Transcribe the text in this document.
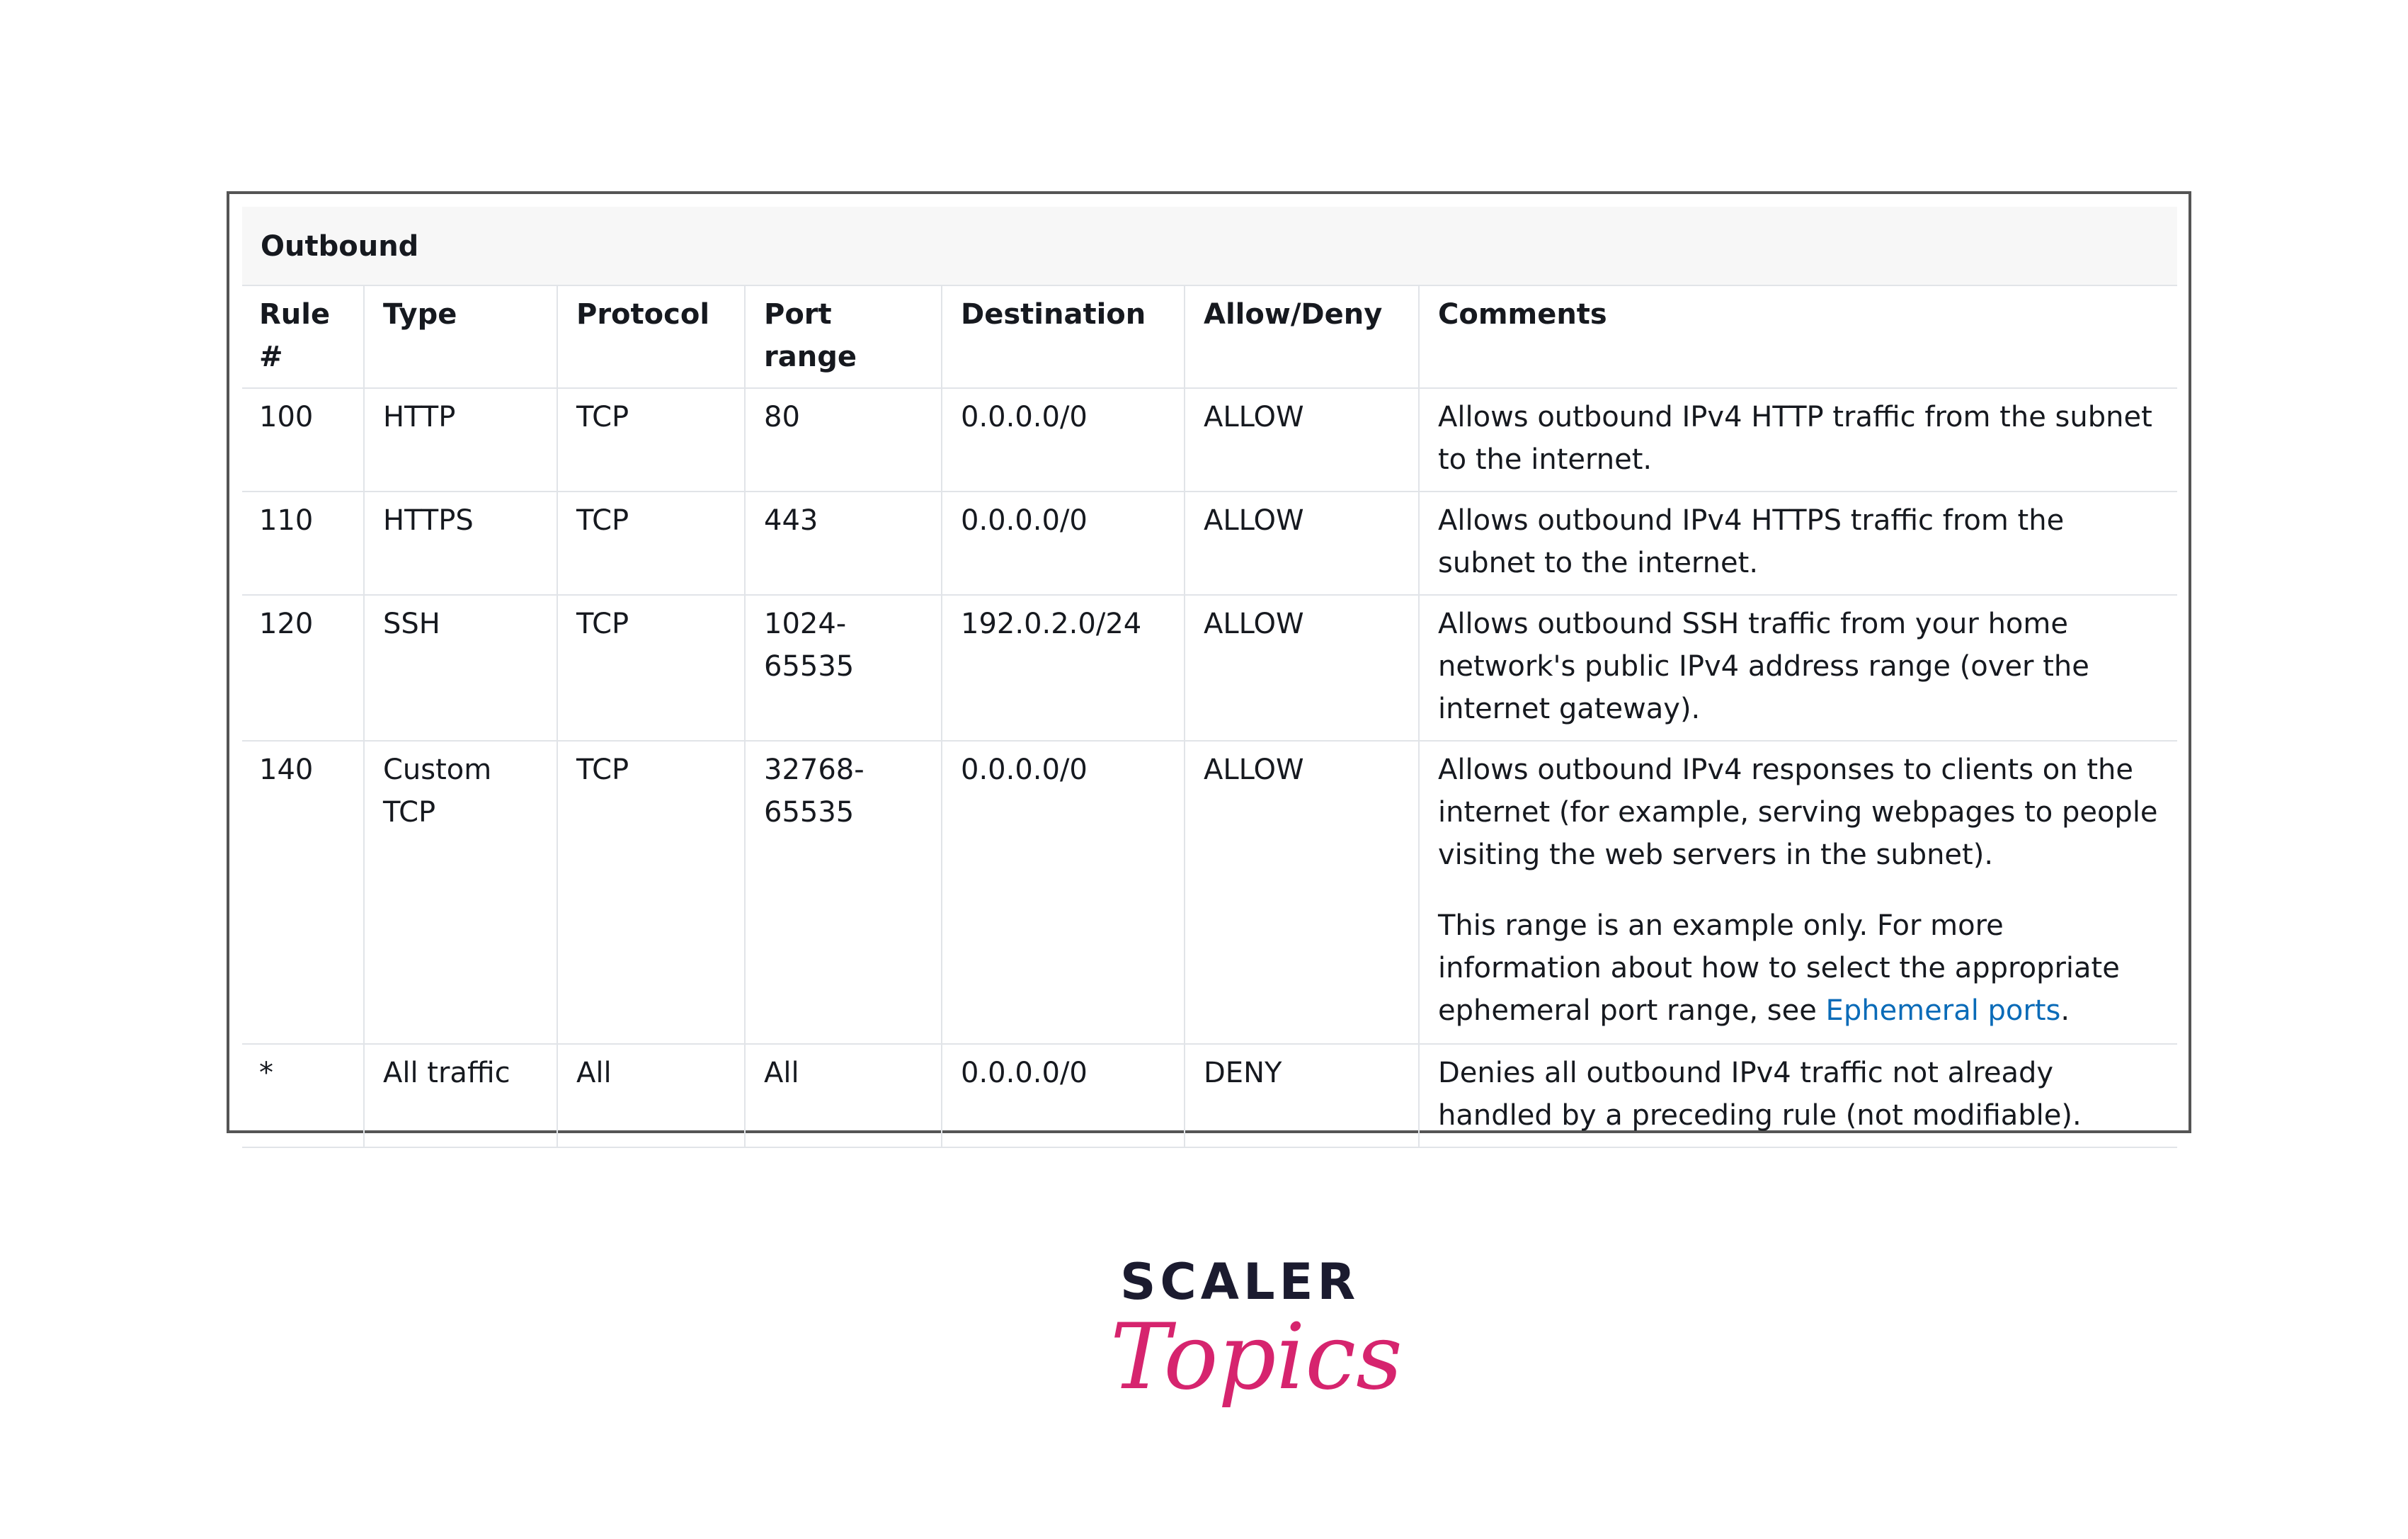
Outbound
Rule #	Type	Protocol	Port range	Destination	Allow/Deny	Comments
100	HTTP	TCP	80	0.0.0.0/0	ALLOW	Allows outbound IPv4 HTTP traffic from the subnet to the internet.
110	HTTPS	TCP	443	0.0.0.0/0	ALLOW	Allows outbound IPv4 HTTPS traffic from the subnet to the internet.
120	SSH	TCP	1024-65535	192.0.2.0/24	ALLOW	Allows outbound SSH traffic from your home network's public IPv4 address range (over the internet gateway).
140	Custom TCP	TCP	32768-65535	0.0.0.0/0	ALLOW	Allows outbound IPv4 responses to clients on the internet (for example, serving webpages to people visiting the web servers in the subnet).

This range is an example only. For more information about how to select the appropriate ephemeral port range, see Ephemeral ports.

*	All traffic	All	All	0.0.0.0/0	DENY	Denies all outbound IPv4 traffic not already handled by a preceding rule (not modifiable).
SCALER
Topics
